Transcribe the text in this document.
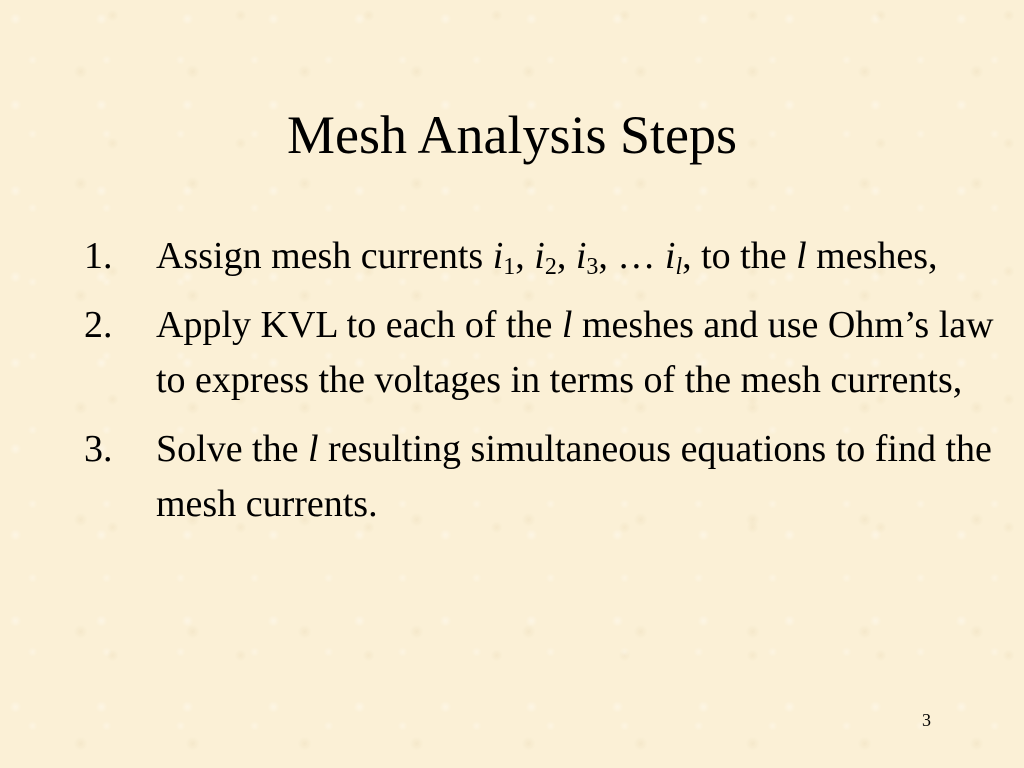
Mesh Analysis Steps
1.	Assign mesh currents $i_1$, $i_2$, $i_3$, … $i_l$, to the l meshes,
2.	Apply KVL to each of the l meshes and use Ohm’s law to express the voltages in terms of the mesh currents,
3.	Solve the l resulting simultaneous equations to find the mesh currents.
3
